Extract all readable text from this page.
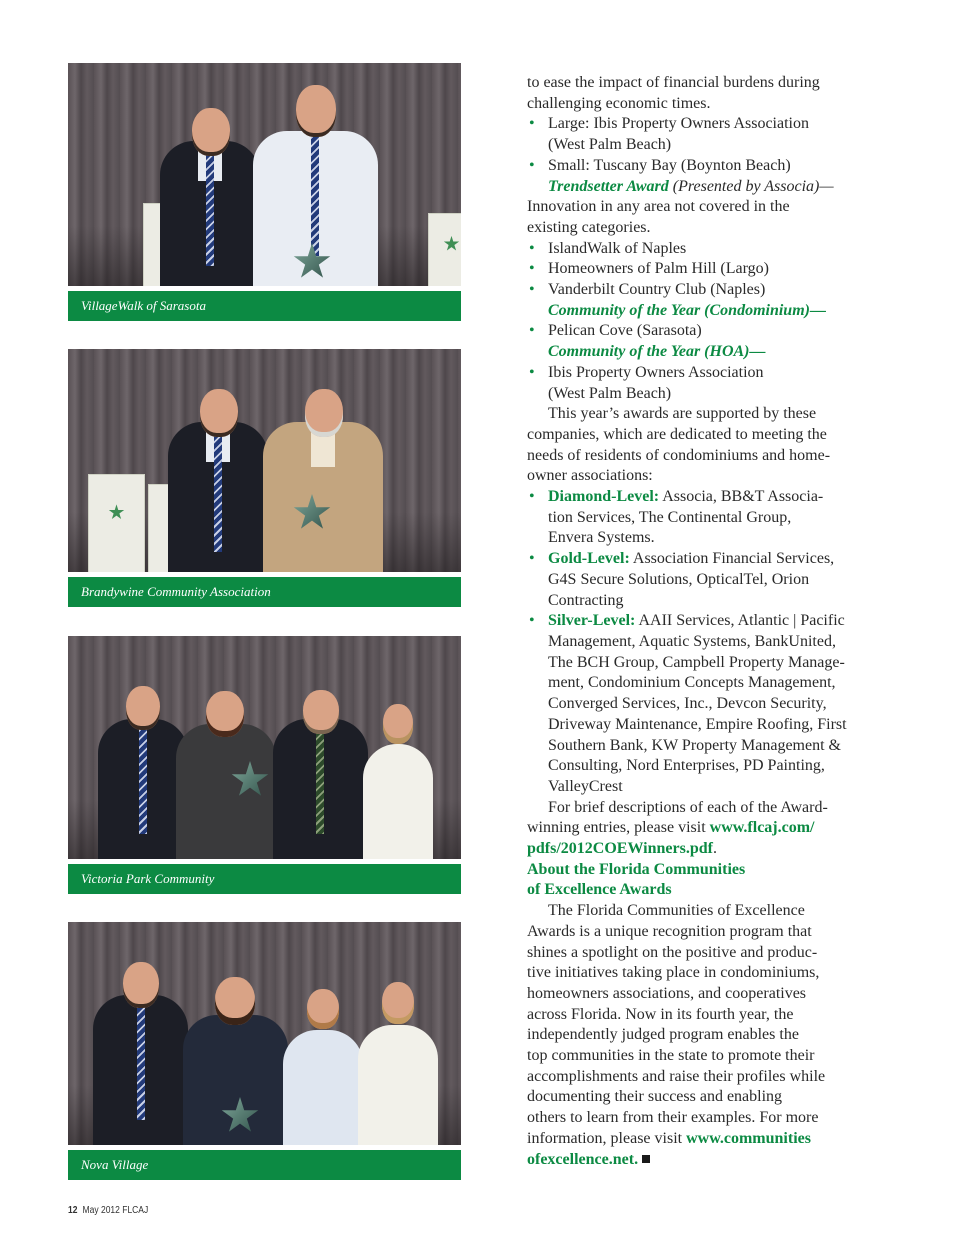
VillageWalk of Sarasota
Brandywine Community Association
Victoria Park Community
Nova Village

to ease the impact of financial burdens during
challenging economic times.

• Large: Ibis Property Owners Association
(West Palm Beach)

• Small: Tuscany Bay (Boynton Beach)

Trendsetter Award (Presented by Associa)—
Innovation in any area not covered in the
existing categories.

• IslandWalk of Naples

• Homeowners of Palm Hill (Largo)

• Vanderbilt Country Club (Naples)

Community of the Year (Condominium)—

• Pelican Cove (Sarasota)

Community of the Year (HOA)—

• Ibis Property Owners Association
(West Palm Beach)

This year’s awards are supported by these
companies, which are dedicated to meeting the
needs of residents of condominiums and home-
owner associations:

• Diamond-Level: Associa, BB&T Associa-
tion Services, The Continental Group,
Envera Systems.

• Gold-Level: Association Financial Services,
G4S Secure Solutions, OpticalTel, Orion
Contracting

• Silver-Level: AAII Services, Atlantic | Pacific
Management, Aquatic Systems, BankUnited,
The BCH Group, Campbell Property Manage-
ment, Condominium Concepts Management,
Converged Services, Inc., Devcon Security,
Driveway Maintenance, Empire Roofing, First
Southern Bank, KW Property Management &
Consulting, Nord Enterprises, PD Painting,
ValleyCrest

For brief descriptions of each of the Award-
winning entries, please visit www.flcaj.com/
pdfs/2012COEWinners.pdf.

About the Florida Communities
of Excellence Awards

The Florida Communities of Excellence
Awards is a unique recognition program that
shines a spotlight on the positive and produc-
tive initiatives taking place in condominiums,
homeowners associations, and cooperatives
across Florida. Now in its fourth year, the
independently judged program enables the
top communities in the state to promote their
accomplishments and raise their profiles while
documenting their success and enabling
others to learn from their examples. For more
information, please visit www.communities
ofexcellence.net.

12 May 2012 FLCAJ
